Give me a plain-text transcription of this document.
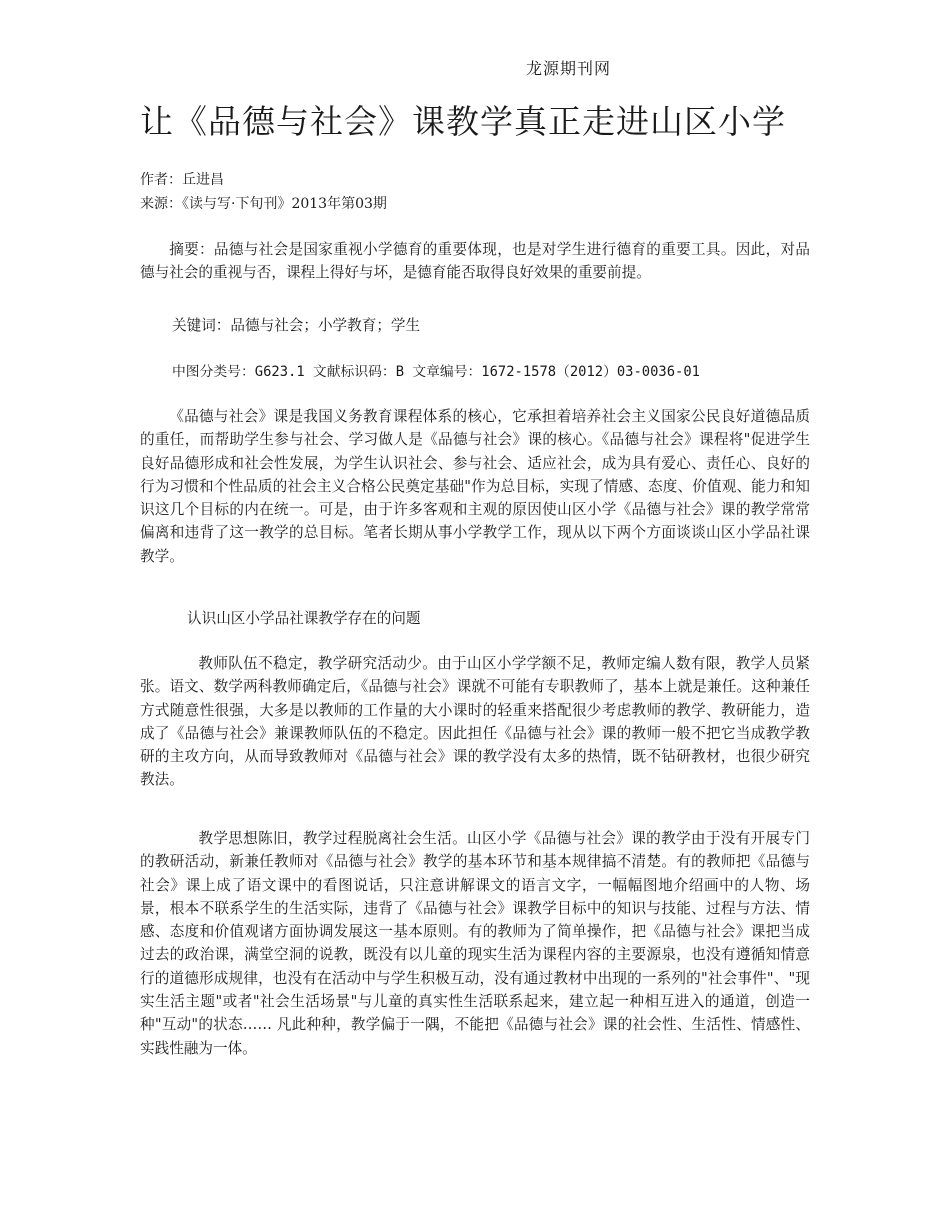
龙源期刊网
让《品德与社会》课教学真正走进山区小学
作者：丘进昌
来源：《读与写·下旬刊》2013年第03期

摘要：品德与社会是国家重视小学德育的重要体现，也是对学生进行德育的重要工具。因此，对品德与社会的重视与否，课程上得好与坏，是德育能否取得良好效果的重要前提。

关键词：品德与社会；小学教育；学生
中图分类号：G623.1 文献标识码：B 文章编号：1672-1578（2012）03-0036-01

《品德与社会》课是我国义务教育课程体系的核心，它承担着培养社会主义国家公民良好道德品质的重任，而帮助学生参与社会、学习做人是《品德与社会》课的核心。《品德与社会》课程将"促进学生良好品德形成和社会性发展，为学生认识社会、参与社会、适应社会，成为具有爱心、责任心、良好的行为习惯和个性品质的社会主义合格公民奠定基础"作为总目标，实现了情感、态度、价值观、能力和知识这几个目标的内在统一。可是，由于许多客观和主观的原因使山区小学《品德与社会》课的教学常常偏离和违背了这一教学的总目标。笔者长期从事小学教学工作，现从以下两个方面谈谈山区小学品社课教学。

认识山区小学品社课教学存在的问题

教师队伍不稳定，教学研究活动少。由于山区小学学额不足，教师定编人数有限，教学人员紧张。语文、数学两科教师确定后，《品德与社会》课就不可能有专职教师了，基本上就是兼任。这种兼任方式随意性很强，大多是以教师的工作量的大小课时的轻重来搭配很少考虑教师的教学、教研能力，造成了《品德与社会》兼课教师队伍的不稳定。因此担任《品德与社会》课的教师一般不把它当成教学教研的主攻方向，从而导致教师对《品德与社会》课的教学没有太多的热情，既不钻研教材，也很少研究教法。

教学思想陈旧，教学过程脱离社会生活。山区小学《品德与社会》课的教学由于没有开展专门的教研活动，新兼任教师对《品德与社会》教学的基本环节和基本规律搞不清楚。有的教师把《品德与社会》课上成了语文课中的看图说话，只注意讲解课文的语言文字，一幅幅图地介绍画中的人物、场景，根本不联系学生的生活实际，违背了《品德与社会》课教学目标中的知识与技能、过程与方法、情感、态度和价值观诸方面协调发展这一基本原则。有的教师为了简单操作，把《品德与社会》课把当成过去的政治课，满堂空洞的说教，既没有以儿童的现实生活为课程内容的主要源泉，也没有遵循知情意行的道德形成规律，也没有在活动中与学生积极互动，没有通过教材中出现的一系列的"社会事件"、"现实生活主题"或者"社会生活场景"与儿童的真实性生活联系起来，建立起一种相互进入的通道，创造一种"互动"的状态…… 凡此种种，教学偏于一隅，不能把《品德与社会》课的社会性、生活性、情感性、实践性融为一体。
